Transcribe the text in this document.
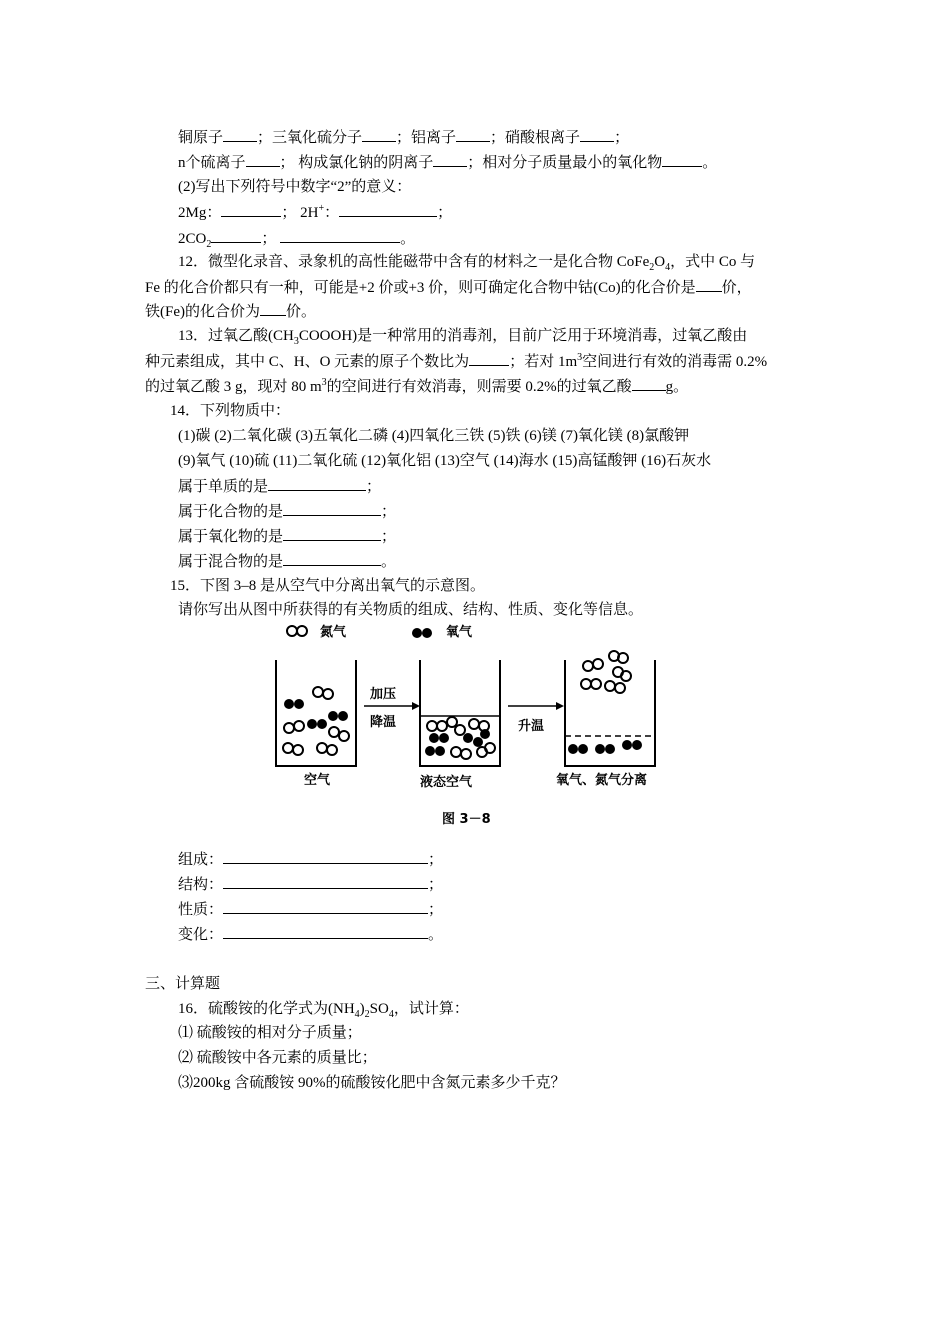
铜原子 ；三氧化硫分子 ；铝离子 ；硝酸根离子 ；
n个硫离子 ； 构成氯化钠的阴离子 ；相对分子质量最小的氧化物	。
(2)写出下列符号中数字“2”的意义：
2Mg：	； 2H+：	；
$2CO_2$	；	。
12．微型化录音、录象机的高性能磁带中含有的材料之一是化合物 $CoFe_2O_4$，式中 Co 与
Fe 的化合价都只有一种，可能是+2 价或+3 价，则可确定化合物中钴(Co)的化合价是 价，
铁(Fe)的化合价为 价。
13．过氧乙酸$(CH_3COOOH)$是一种常用的消毒剂，目前广泛用于环境消毒，过氧乙酸由
种元素组成，其中 C、H、O 元素的原子个数比为	；若对 $1m^3$空间进行有效的消毒需 0.2%
的过氧乙酸 3 g，现对 80 $m^3$的空间进行有效消毒，则需要 0.2%的过氧乙酸 g。
14．下列物质中：
(1)碳 (2)二氧化碳 (3)五氧化二磷 (4)四氧化三铁 (5)铁 (6)镁 (7)氧化镁 (8)氯酸钾
(9)氧气 (10)硫 (11)二氧化硫 (12)氧化铝 (13)空气 (14)海水 (15)高锰酸钾 (16)石灰水
属于单质的是	；
属于化合物的是	；
属于氧化物的是	；
属于混合物的是	。
15．下图 3–8 是从空气中分离出氧气的示意图。
请你写出从图中所获得的有关物质的组成、结构、性质、变化等信息。
氮气	氧气
空气
加压
降温
液态空气
升温
氧气、氮气分离
图 3－8
组成：	；
结构：	；
性质：	；
变化：	。
三、计算题
16．硫酸铵的化学式为$(NH_4)_2SO_4$，试计算：
⑴ 硫酸铵的相对分子质量；
⑵ 硫酸铵中各元素的质量比；
⑶200kg 含硫酸铵 90%的硫酸铵化肥中含氮元素多少千克？
